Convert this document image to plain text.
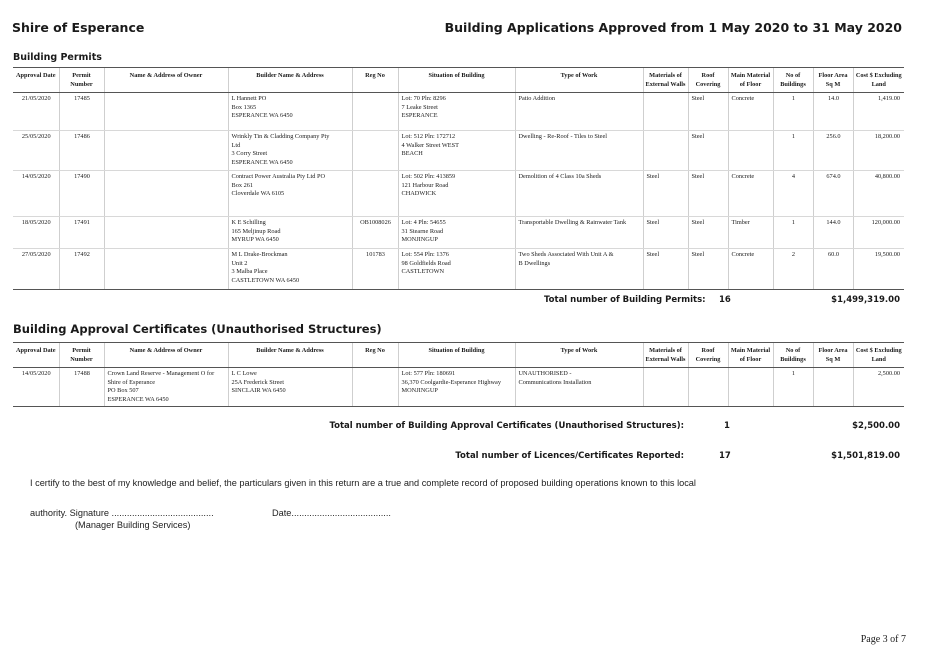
Shire of Esperance	Building Applications Approved from 1 May 2020 to 31 May 2020
Building Permits
Approval Date	Permit Number	Name & Address of Owner	Builder Name & Address	Reg No	Situation of Building	Type of Work	Materials of External Walls	Roof Covering	Main Material of Floor	No of Buildings	Floor Area Sq M	Cost $ Excluding Land
21/05/2020	17485		L Hannett PO
Box 1365
ESPERANCE WA 6450		Lot: 70 Pln: 8296
7 Leake Street
ESPERANCE	Patio Addition		Steel	Concrete	1	14.0	1,419.00
25/05/2020	17486		Wrinkly Tin & Cladding Company Pty
Ltd
3 Corry Street
ESPERANCE WA 6450		Lot: 512 Pln: 172712
4 Walker Street WEST
BEACH	Dwelling - Re-Roof - Tiles to Steel		Steel		1	256.0	18,200.00
14/05/2020	17490		Contract Power Australia Pty Ltd PO
Box 261
Cloverdale WA 6105		Lot: 502 Pln: 413859
121 Harbour Road
CHADWICK	Demolition of 4 Class 10a Sheds	Steel	Steel	Concrete	4	674.0	40,800.00
18/05/2020	17491		K E Schilling
165 Meljinup Road
MYRUP WA 6450	OB1008026	Lot: 4 Pln: 54655
31 Stearne Road
MONJINGUP	Transportable Dwelling & Rainwater Tank	Steel	Steel	Timber	1	144.0	120,000.00
27/05/2020	17492		M L Drake-Brockman
Unit 2
3 Malba Place
CASTLETOWN WA 6450	101783	Lot: 554 Pln: 1376
98 Goldfields Road
CASTLETOWN	Two Sheds Associated With Unit A &
B Dwellings	Steel	Steel	Concrete	2	60.0	19,500.00
Total number of Building Permits: 16	$1,499,319.00
Building Approval Certificates (Unauthorised Structures)
Approval Date	Permit Number	Name & Address of Owner	Builder Name & Address	Reg No	Situation of Building	Type of Work	Materials of External Walls	Roof Covering	Main Material of Floor	No of Buildings	Floor Area Sq M	Cost $ Excluding Land
14/05/2020	17488	Crown Land Reserve - Management O for
Shire of Esperance
PO Box 507
ESPERANCE WA 6450	L C Lowe
25A Frederick Street
SINCLAIR WA 6450		Lot: 577 Pln: 180691
36,370 Coolgardie-Esperance Highway
MONJINGUP	UNAUTHORISED -
Communications Installation				1		2,500.00
Total number of Building Approval Certificates (Unauthorised Structures):	1	$2,500.00
Total number of Licences/Certificates Reported:	17	$1,501,819.00
I certify to the best of my knowledge and belief, the particulars given in this return are a true and complete record of proposed building operations known to this local
authority. Signature ........................................	Date.......................................
(Manager Building Services)
Page 3 of 7
